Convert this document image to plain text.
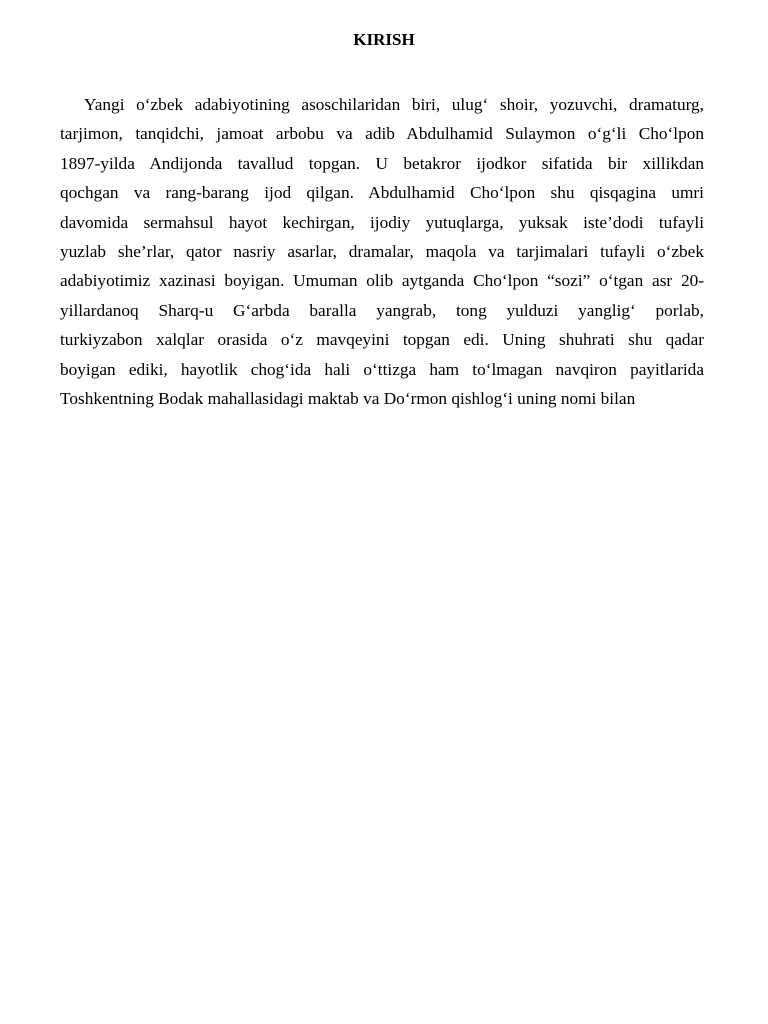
KIRISH
Yangi o‘zbek adabiyotining asoschilaridan biri, ulug‘ shoir, yozuvchi, dramaturg,
tarjimon, tanqidchi, jamoat arbobu va adib Abdulhamid Sulaymon o‘g‘li Cho‘lpon
1897-yilda Andijonda tavallud topgan. U betakror ijodkor sifatida bir xillikdan
qochgan va rang-barang ijod qilgan. Abdulhamid Cho‘lpon shu qisqagina umri
davomida sermahsul hayot kechirgan, ijodiy yutuqlarga, yuksak iste’dodi tufayli
yuzlab she’rlar, qator nasriy asarlar, dramalar, maqola va tarjimalari tufayli o‘zbek
adabiyotimiz xazinasi boyigan. Umuman olib aytganda Cho‘lpon “sozi” o‘tgan asr 20-
yillardanoq Sharq-u G‘arbda baralla yangrab, tong yulduzi yanglig‘ porlab,
turkiyzabon xalqlar orasida o‘z mavqeyini topgan edi. Uning shuhrati shu qadar
boyigan ediki, hayotlik chog‘ida hali o‘ttizga ham to‘lmagan navqiron payitlarida
Toshkentning Bodak mahallasidagi maktab va Do‘rmon qishlog‘i uning nomi bilan
